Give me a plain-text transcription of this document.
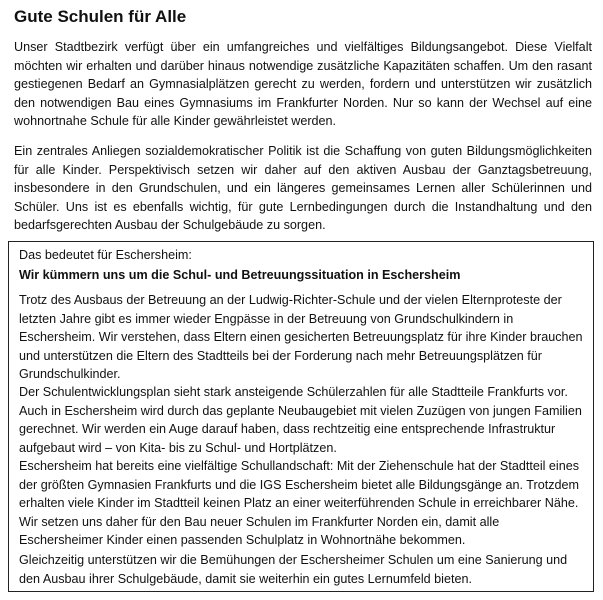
Gute Schulen für Alle

Unser Stadtbezirk verfügt über ein umfangreiches und vielfältiges Bildungsangebot. Diese Vielfalt möchten wir erhalten und darüber hinaus notwendige zusätzliche Kapazitäten schaffen. Um den rasant gestiegenen Bedarf an Gymnasialplätzen gerecht zu werden, fordern und unterstützen wir zusätzlich den notwendigen Bau eines Gymnasiums im Frankfurter Norden. Nur so kann der Wechsel auf eine wohnortnahe Schule für alle Kinder gewährleistet werden.

Ein zentrales Anliegen sozialdemokratischer Politik ist die Schaffung von guten Bildungsmöglichkeiten für alle Kinder. Perspektivisch setzen wir daher auf den aktiven Ausbau der Ganztagsbetreuung, insbesondere in den Grundschulen, und ein längeres gemeinsames Lernen aller Schülerinnen und Schüler. Uns ist es ebenfalls wichtig, für gute Lernbedingungen durch die Instandhaltung und den bedarfsgerechten Ausbau der Schulgebäude zu sorgen.

Das bedeutet für Eschersheim:

Wir kümmern uns um die Schul- und Betreuungssituation in Eschersheim

Trotz des Ausbaus der Betreuung an der Ludwig-Richter-Schule und der vielen Elternproteste der letzten Jahre gibt es immer wieder Engpässe in der Betreuung von Grundschulkindern in Eschersheim. Wir verstehen, dass Eltern einen gesicherten Betreuungsplatz für ihre Kinder brauchen und unterstützen die Eltern des Stadtteils bei der Forderung nach mehr Betreuungsplätzen für Grundschulkinder.

Der Schulentwicklungsplan sieht stark ansteigende Schülerzahlen für alle Stadtteile Frankfurts vor. Auch in Eschersheim wird durch das geplante Neubaugebiet mit vielen Zuzügen von jungen Familien gerechnet. Wir werden ein Auge darauf haben, dass rechtzeitig eine entsprechende Infrastruktur aufgebaut wird – von Kita- bis zu Schul- und Hortplätzen.

Eschersheim hat bereits eine vielfältige Schullandschaft: Mit der Ziehenschule hat der Stadtteil eines der größten Gymnasien Frankfurts und die IGS Eschersheim bietet alle Bildungsgänge an. Trotzdem erhalten viele Kinder im Stadtteil keinen Platz an einer weiterführenden Schule in erreichbarer Nähe. Wir setzen uns daher für den Bau neuer Schulen im Frankfurter Norden ein, damit alle Eschersheimer Kinder einen passenden Schulplatz in Wohnortnähe bekommen.

Gleichzeitig unterstützen wir die Bemühungen der Eschersheimer Schulen um eine Sanierung und den Ausbau ihrer Schulgebäude, damit sie weiterhin ein gutes Lernumfeld bieten.
